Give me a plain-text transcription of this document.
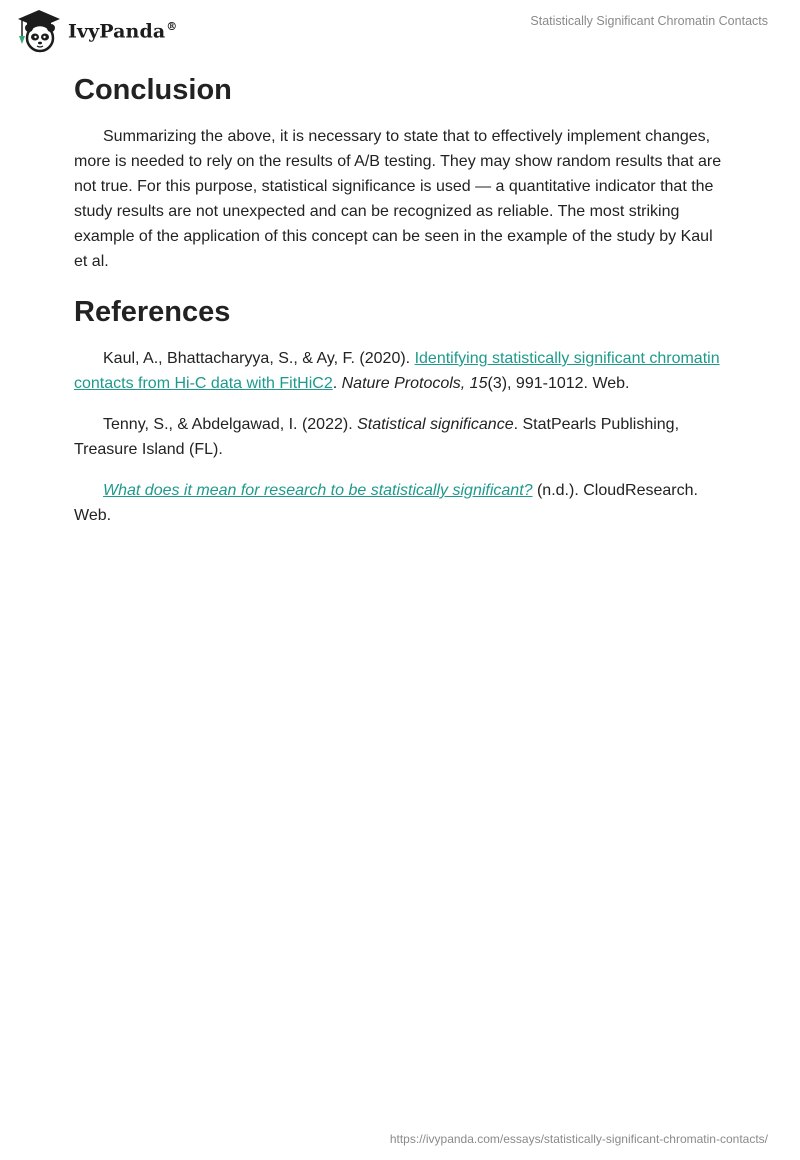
IvyPanda®	Statistically Significant Chromatin Contacts
Conclusion

Summarizing the above, it is necessary to state that to effectively implement changes, more is needed to rely on the results of A/B testing. They may show random results that are not true. For this purpose, statistical significance is used — a quantitative indicator that the study results are not unexpected and can be recognized as reliable. The most striking example of the application of this concept can be seen in the example of the study by Kaul et al.

References

Kaul, A., Bhattacharyya, S., & Ay, F. (2020). Identifying statistically significant chromatin contacts from Hi-C data with FitHiC2. Nature Protocols, 15(3), 991-1012. Web.

Tenny, S., & Abdelgawad, I. (2022). Statistical significance. StatPearls Publishing, Treasure Island (FL).

What does it mean for research to be statistically significant? (n.d.). CloudResearch. Web.

https://ivypanda.com/essays/statistically-significant-chromatin-contacts/
